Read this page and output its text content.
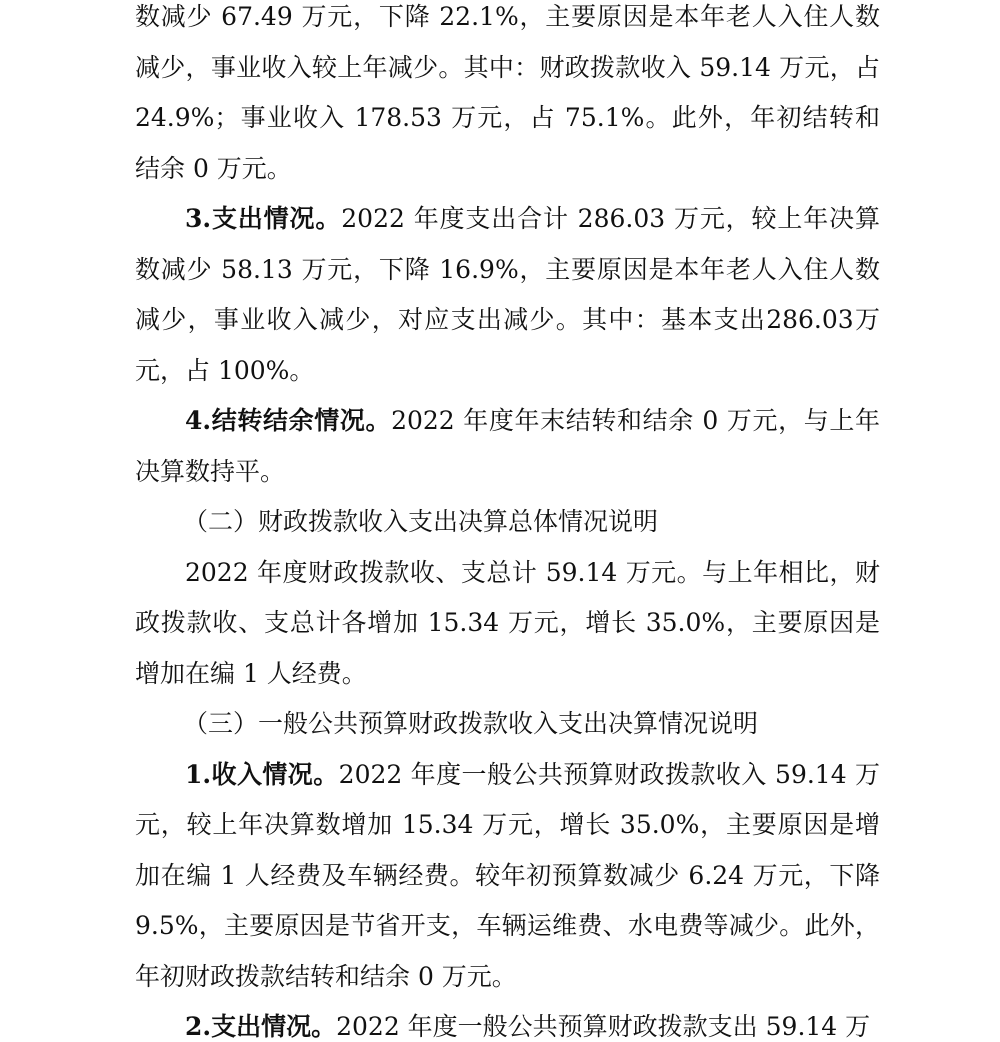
数减少 67.49 万元，下降 22.1%，主要原因是本年老人入住人数减少，事业收入较上年减少。其中：财政拨款收入 59.14 万元，占 24.9%；事业收入 178.53 万元，占 75.1%。此外，年初结转和结余 0 万元。

3.支出情况。2022 年度支出合计 286.03 万元，较上年决算数减少 58.13 万元，下降 16.9%，主要原因是本年老人入住人数减少，事业收入减少，对应支出减少。其中：基本支出286.03万元，占 100%。

4.结转结余情况。2022 年度年末结转和结余 0 万元，与上年决算数持平。

（二）财政拨款收入支出决算总体情况说明

2022 年度财政拨款收、支总计 59.14 万元。与上年相比，财政拨款收、支总计各增加 15.34 万元，增长 35.0%，主要原因是增加在编 1 人经费。

（三）一般公共预算财政拨款收入支出决算情况说明

1.收入情况。2022 年度一般公共预算财政拨款收入 59.14 万元，较上年决算数增加 15.34 万元，增长 35.0%，主要原因是增加在编 1 人经费及车辆经费。较年初预算数减少 6.24 万元，下降9.5%，主要原因是节省开支，车辆运维费、水电费等减少。此外，年初财政拨款结转和结余 0 万元。

2.支出情况。2022 年度一般公共预算财政拨款支出 59.14 万
